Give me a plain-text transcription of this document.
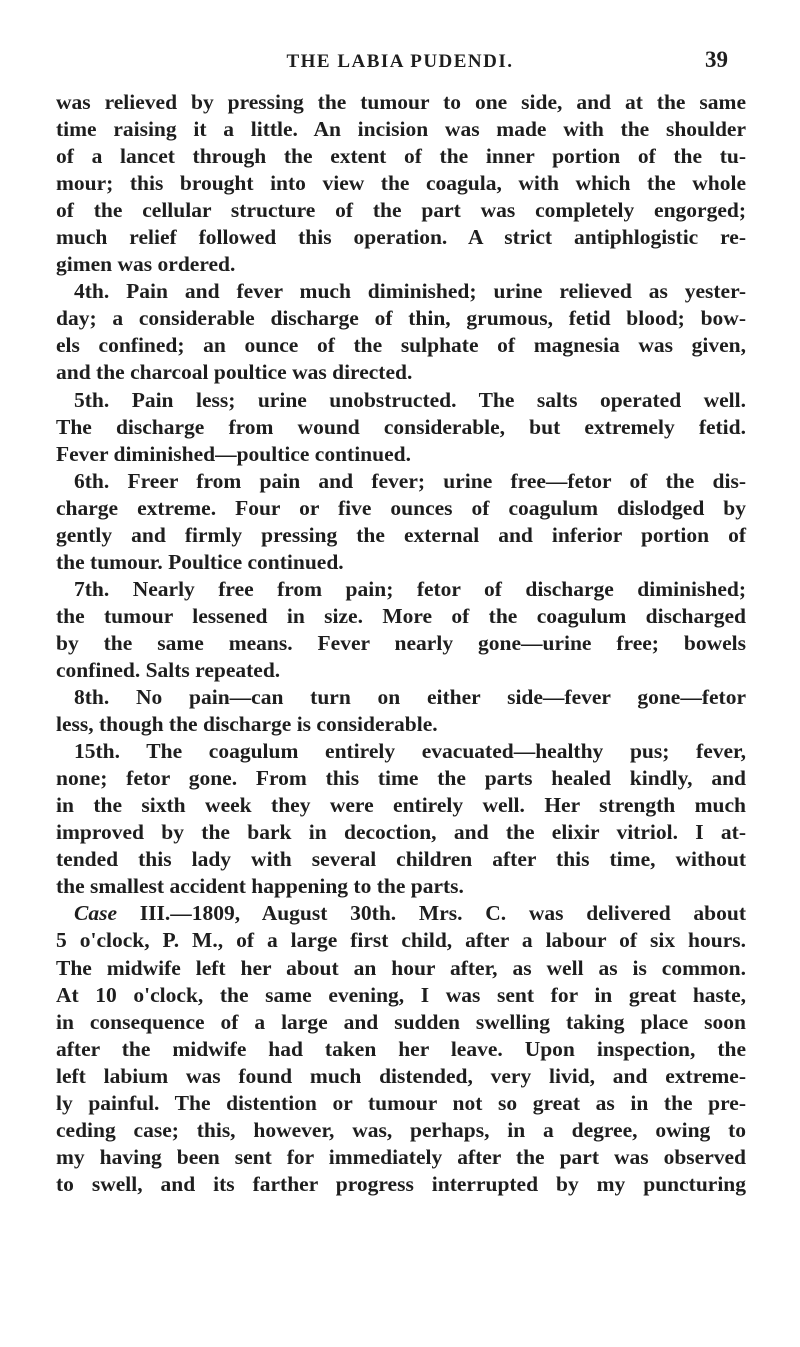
THE LABIA PUDENDI.	39
was relieved by pressing the tumour to one side, and at the same
time raising it a little. An incision was made with the shoulder
of a lancet through the extent of the inner portion of the tu-
mour; this brought into view the coagula, with which the whole
of the cellular structure of the part was completely engorged;
much relief followed this operation. A strict antiphlogistic re-
gimen was ordered.
4th. Pain and fever much diminished; urine relieved as yester-
day; a considerable discharge of thin, grumous, fetid blood; bow-
els confined; an ounce of the sulphate of magnesia was given,
and the charcoal poultice was directed.
5th. Pain less; urine unobstructed. The salts operated well.
The discharge from wound considerable, but extremely fetid.
Fever diminished—poultice continued.
6th. Freer from pain and fever; urine free—fetor of the dis-
charge extreme. Four or five ounces of coagulum dislodged by
gently and firmly pressing the external and inferior portion of
the tumour. Poultice continued.
7th. Nearly free from pain; fetor of discharge diminished;
the tumour lessened in size. More of the coagulum discharged
by the same means. Fever nearly gone—urine free; bowels
confined. Salts repeated.
8th. No pain—can turn on either side—fever gone—fetor
less, though the discharge is considerable.
15th. The coagulum entirely evacuated—healthy pus; fever,
none; fetor gone. From this time the parts healed kindly, and
in the sixth week they were entirely well. Her strength much
improved by the bark in decoction, and the elixir vitriol. I at-
tended this lady with several children after this time, without
the smallest accident happening to the parts.
Case III.—1809, August 30th. Mrs. C. was delivered about
5 o'clock, P. M., of a large first child, after a labour of six hours.
The midwife left her about an hour after, as well as is common.
At 10 o'clock, the same evening, I was sent for in great haste,
in consequence of a large and sudden swelling taking place soon
after the midwife had taken her leave. Upon inspection, the
left labium was found much distended, very livid, and extreme-
ly painful. The distention or tumour not so great as in the pre-
ceding case; this, however, was, perhaps, in a degree, owing to
my having been sent for immediately after the part was observed
to swell, and its farther progress interrupted by my puncturing
